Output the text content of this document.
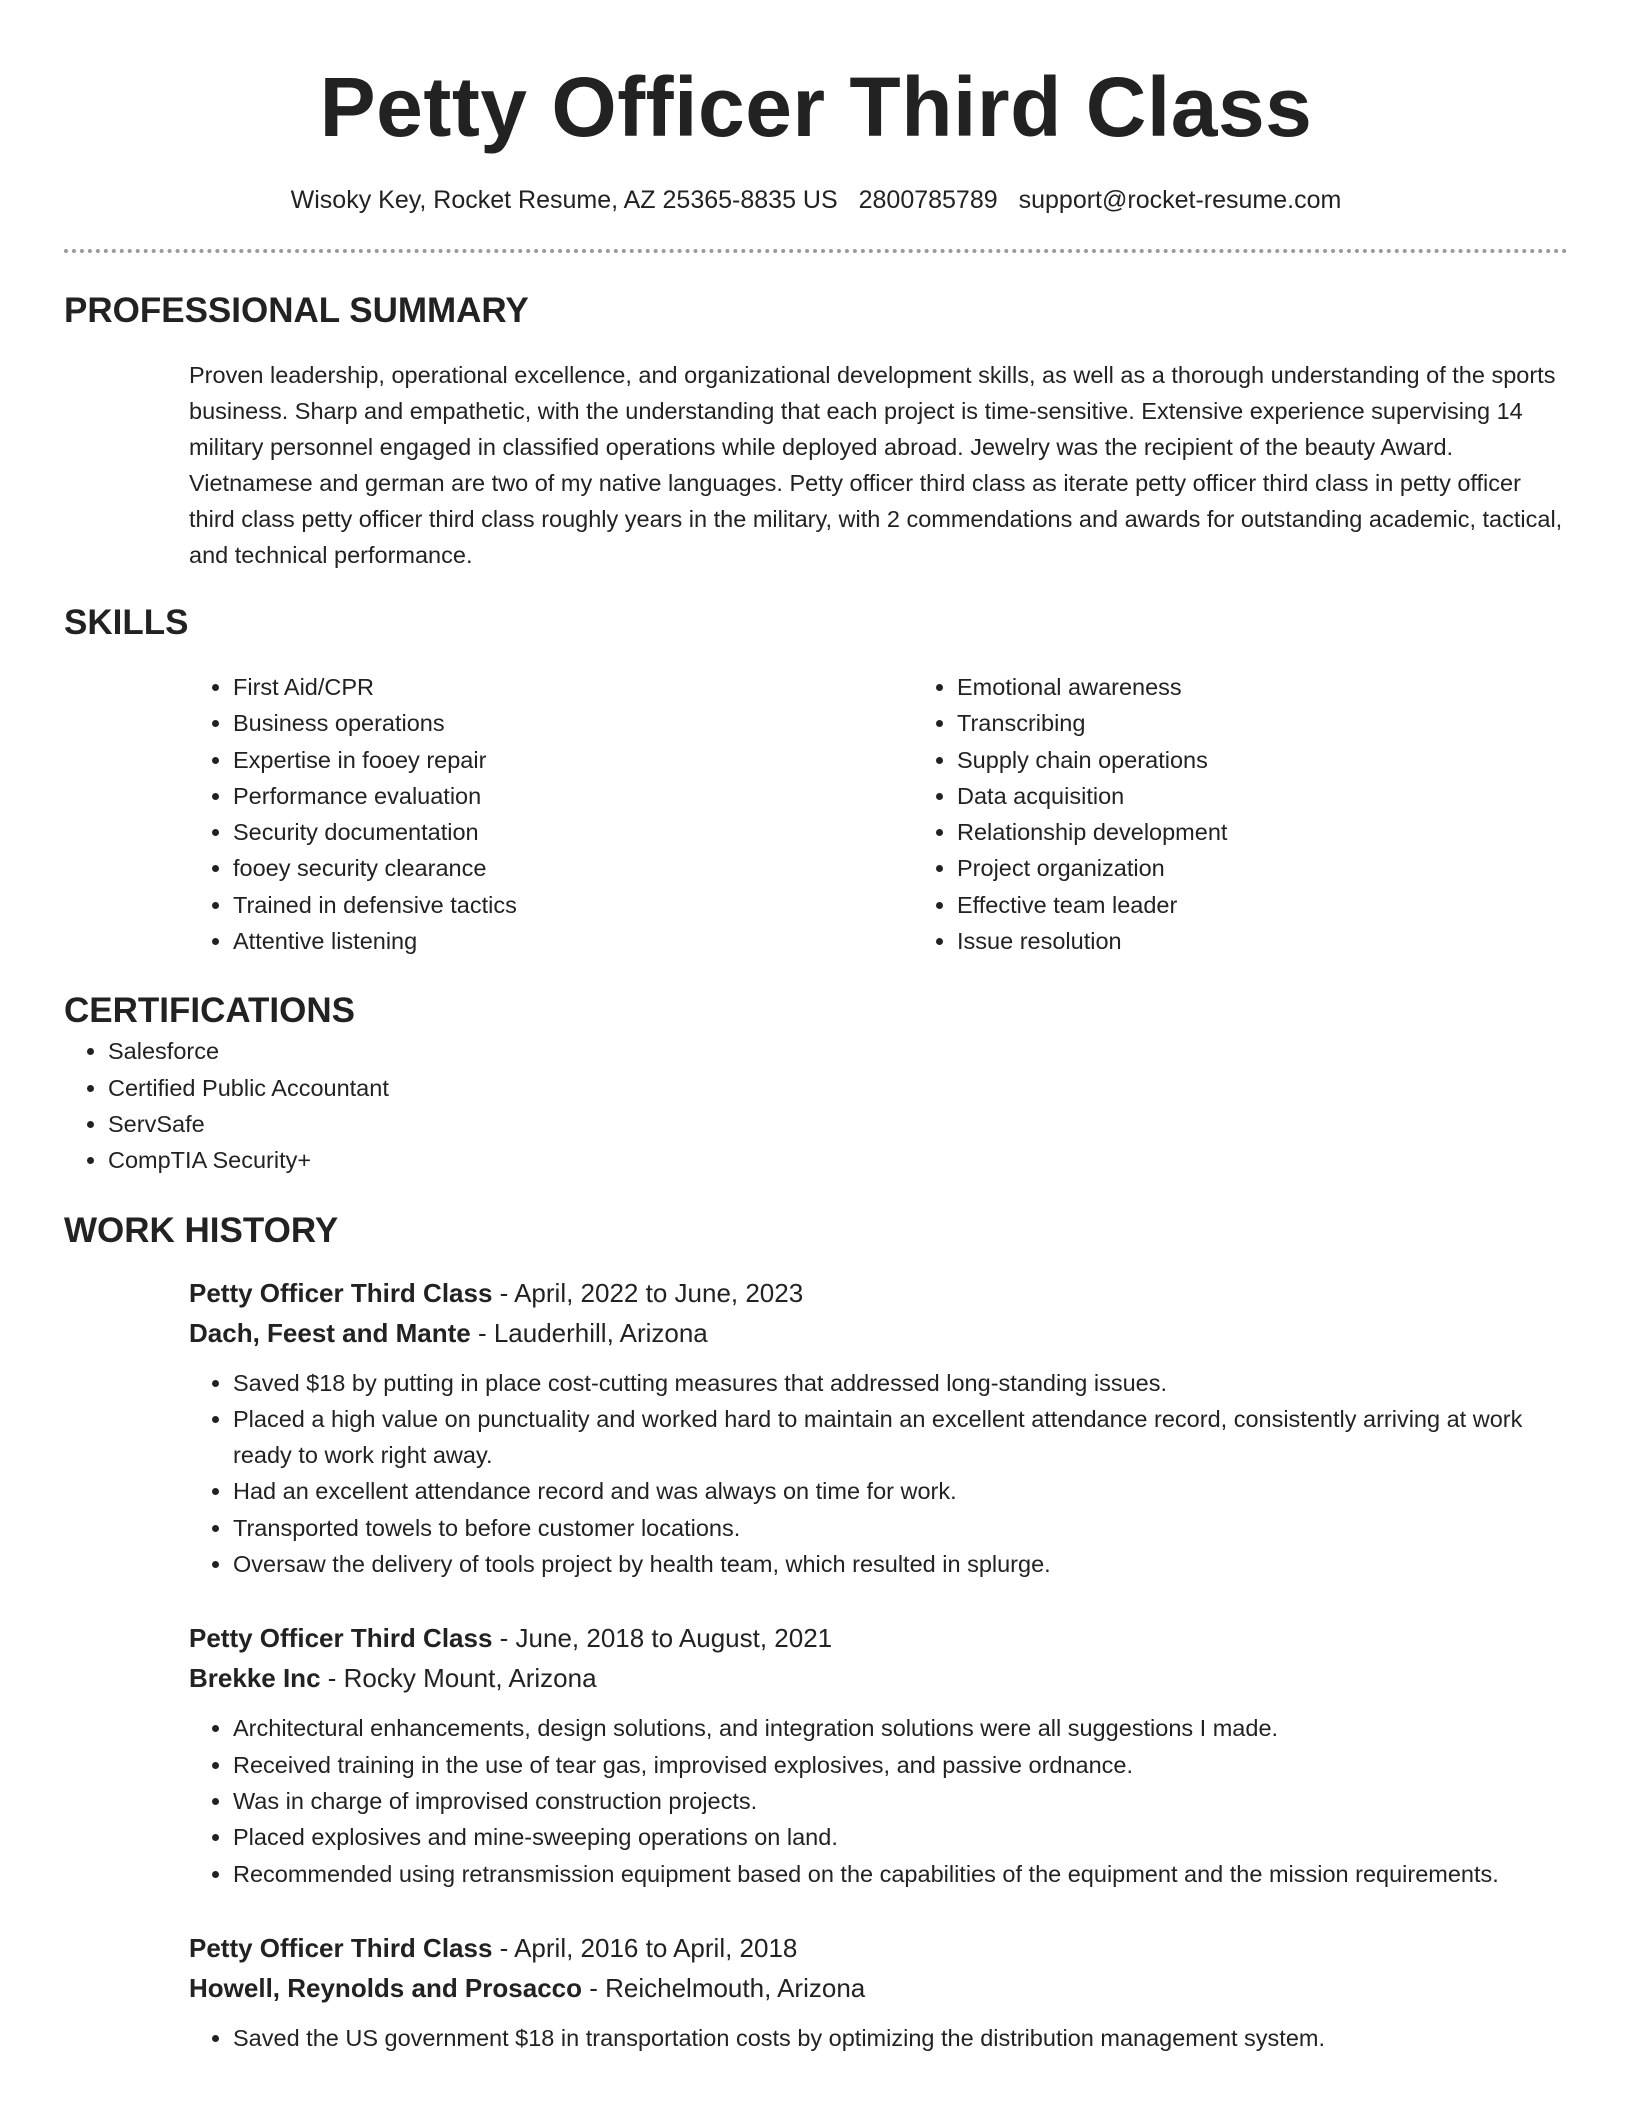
Petty Officer Third Class
Wisoky Key, Rocket Resume, AZ 25365-8835 US 2800785789 support@rocket-resume.com
PROFESSIONAL SUMMARY

Proven leadership, operational excellence, and organizational development skills, as well as a thorough understanding of the sports business. Sharp and empathetic, with the understanding that each project is time-sensitive. Extensive experience supervising 14 military personnel engaged in classified operations while deployed abroad. Jewelry was the recipient of the beauty Award. Vietnamese and german are two of my native languages. Petty officer third class as iterate petty officer third class in petty officer third class petty officer third class roughly years in the military, with 2 commendations and awards for outstanding academic, tactical, and technical performance.

SKILLS
• First Aid/CPR
• Business operations
• Expertise in fooey repair
• Performance evaluation
• Security documentation
• fooey security clearance
• Trained in defensive tactics
• Attentive listening
• Emotional awareness
• Transcribing
• Supply chain operations
• Data acquisition
• Relationship development
• Project organization
• Effective team leader
• Issue resolution
CERTIFICATIONS
• Salesforce
• Certified Public Accountant
• ServSafe
• CompTIA Security+
WORK HISTORY
Petty Officer Third Class - April, 2022 to June, 2023
Dach, Feest and Mante - Lauderhill, Arizona
• Saved $18 by putting in place cost-cutting measures that addressed long-standing issues.
• Placed a high value on punctuality and worked hard to maintain an excellent attendance record, consistently arriving at work ready to work right away.
• Had an excellent attendance record and was always on time for work.
• Transported towels to before customer locations.
• Oversaw the delivery of tools project by health team, which resulted in splurge.
Petty Officer Third Class - June, 2018 to August, 2021
Brekke Inc - Rocky Mount, Arizona
• Architectural enhancements, design solutions, and integration solutions were all suggestions I made.
• Received training in the use of tear gas, improvised explosives, and passive ordnance.
• Was in charge of improvised construction projects.
• Placed explosives and mine-sweeping operations on land.
• Recommended using retransmission equipment based on the capabilities of the equipment and the mission requirements.
Petty Officer Third Class - April, 2016 to April, 2018
Howell, Reynolds and Prosacco - Reichelmouth, Arizona
• Saved the US government $18 in transportation costs by optimizing the distribution management system.
